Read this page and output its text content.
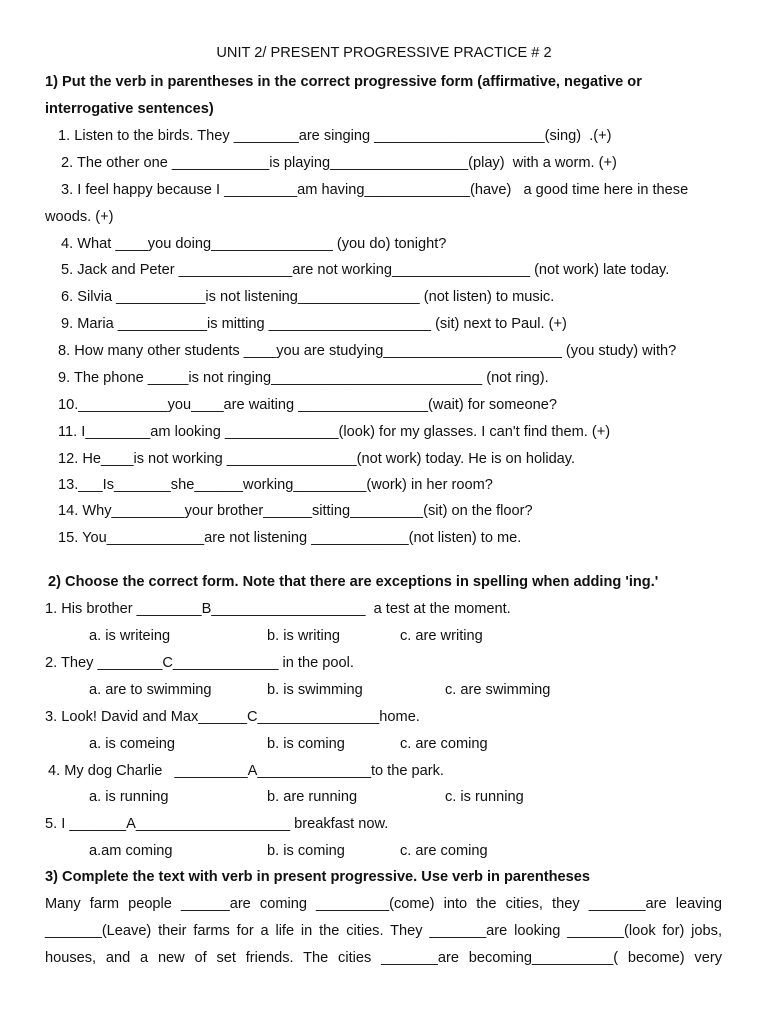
UNIT 2/ PRESENT PROGRESSIVE PRACTICE # 2
1) Put the verb in parentheses in the correct progressive form (affirmative, negative or
interrogative sentences)
1. Listen to the birds. They ________are singing _____________________(sing)  .(+)
2. The other one ____________is playing_________________(play)  with a worm. (+)
3. I feel happy because I _________am having_____________(have)   a good time here in these
woods. (+)
4. What ____you doing_______________ (you do) tonight?
5. Jack and Peter ______________are not working_________________ (not work) late today.
6. Silvia ___________is not listening_______________ (not listen) to music.
9. Maria ___________is mitting ____________________ (sit) next to Paul. (+)
8. How many other students ____you are studying______________________ (you study) with?
9. The phone _____is not ringing__________________________ (not ring).
10.___________you____are waiting ________________(wait) for someone?
11. I________am looking ______________(look) for my glasses. I can't find them. (+)
12. He____is not working ________________(not work) today. He is on holiday.
13.___Is_______she______working_________(work) in her room?
14. Why_________your brother______sitting_________(sit) on the floor?
15. You____________are not listening ____________(not listen) to me.
2) Choose the correct form. Note that there are exceptions in spelling when adding 'ing.'
1. His brother ________B___________________  a test at the moment.
a. is writeing	b. is writing	c. are writing
2. They ________C_____________ in the pool.
a. are to swimming	b. is swimming	c. are swimming
3. Look! David and Max______C_______________home.
a. is comeing	b. is coming	c. are coming
4. My dog Charlie   _________A______________to the park.
a. is running	b. are running	c. is running
5. I _______A___________________ breakfast now.
a.am coming	b. is coming	c. are coming
3) Complete the text with verb in present progressive. Use verb in parentheses
Many farm people ______are coming _________(come) into the cities, they _______are leaving
_______(Leave) their farms for a life in the cities. They _______are looking _______(look for) jobs,
houses, and a new of set friends. The cities _______are becoming__________( become) very
